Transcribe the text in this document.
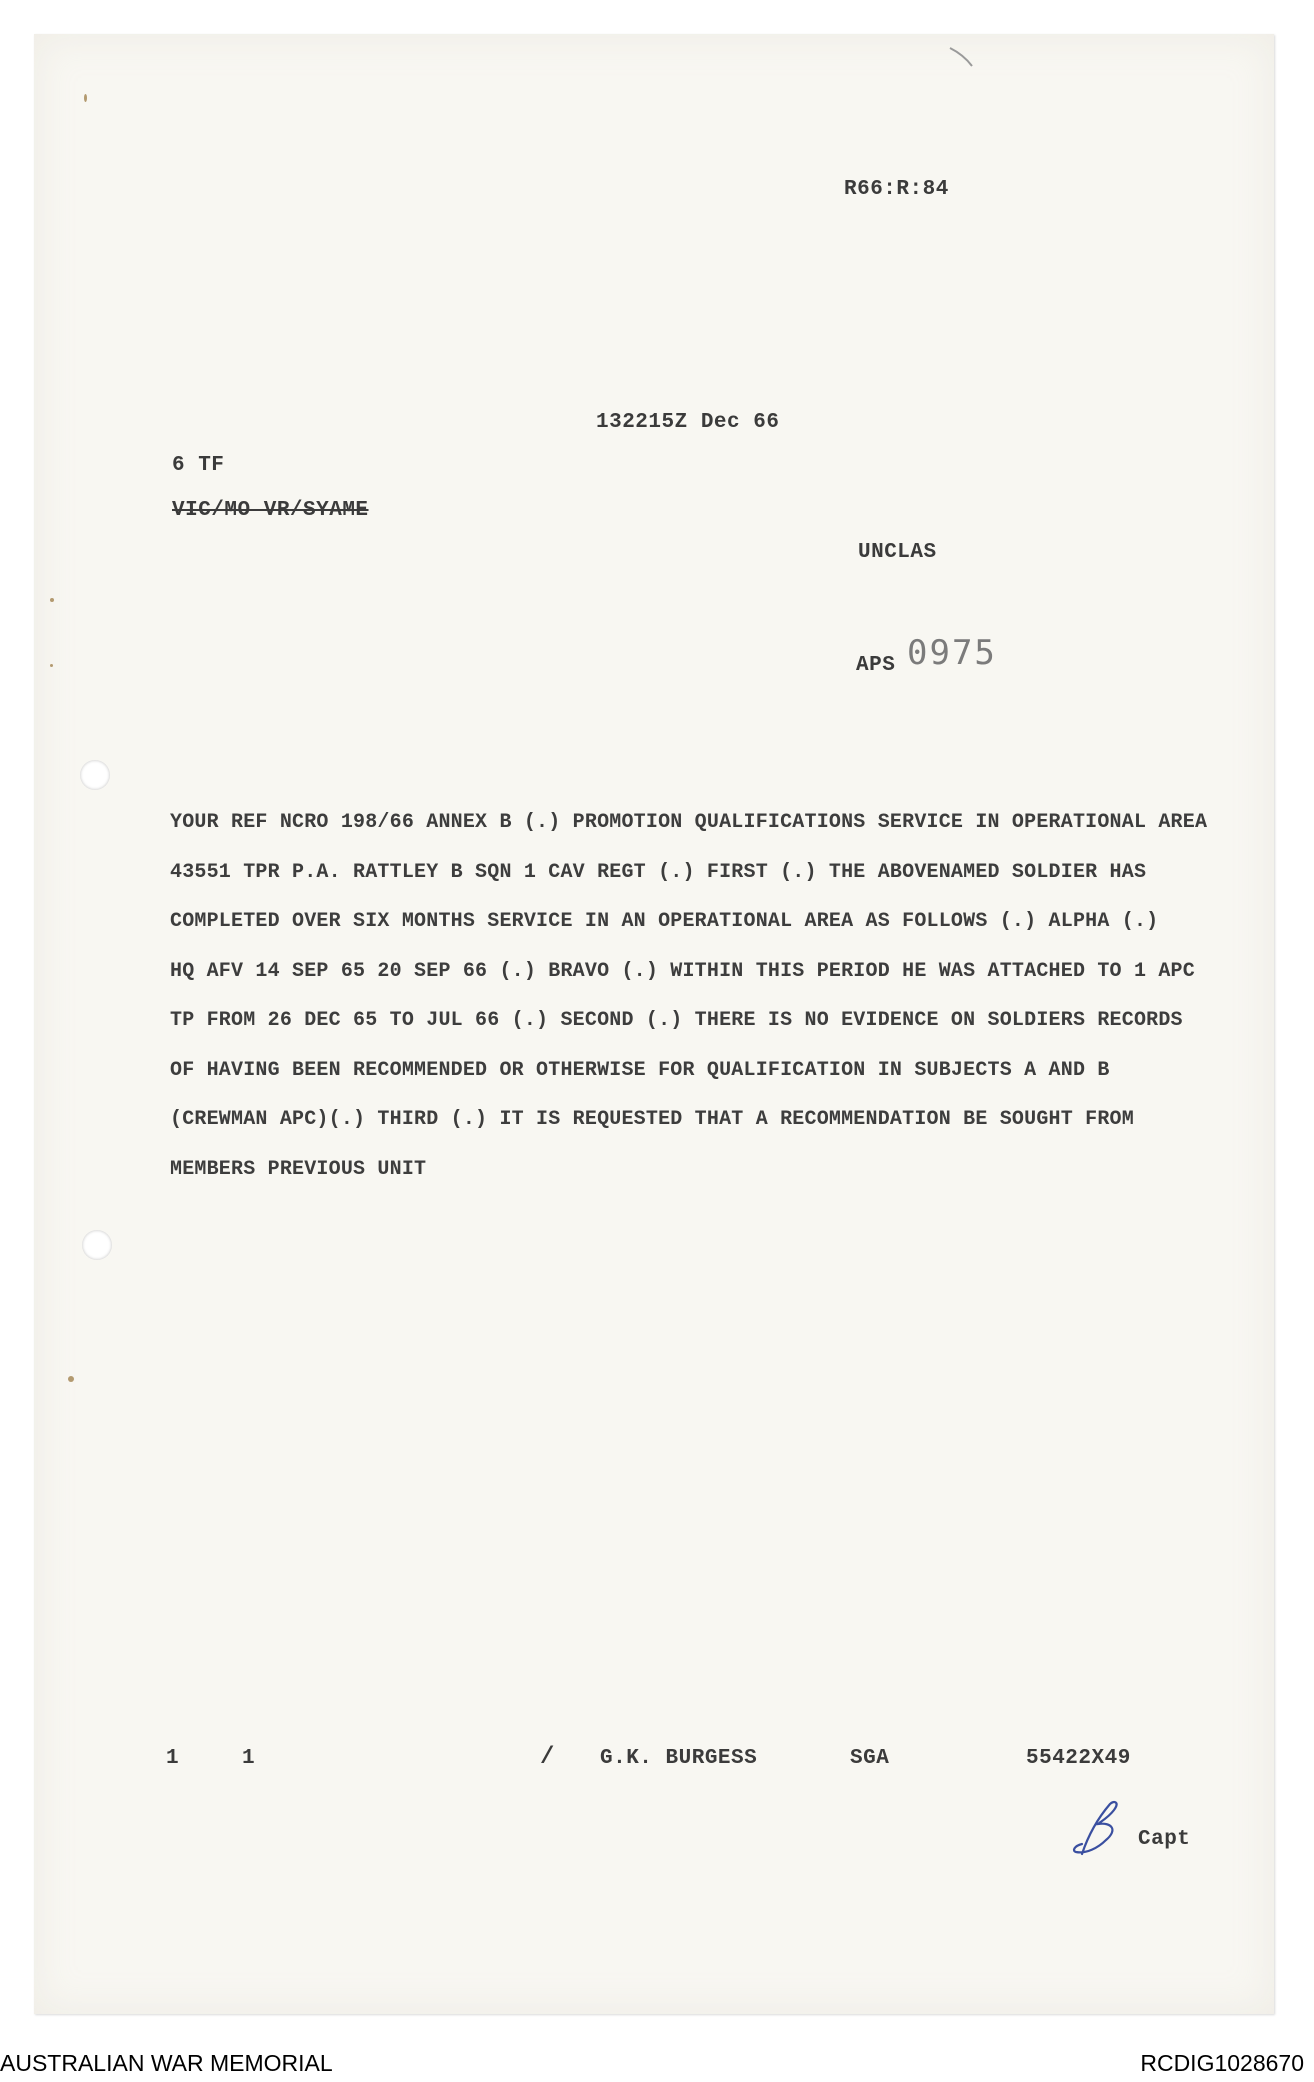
R66:R:84
132215Z Dec 66
6 TF
VIC/MO VR/SYAME
UNCLAS
APS 0975
YOUR REF NCRO 198/66 ANNEX B (.) PROMOTION QUALIFICATIONS SERVICE IN OPERATIONAL AREA
43551 TPR P.A. RATTLEY B SQN 1 CAV REGT (.) FIRST (.) THE ABOVENAMED SOLDIER HAS
COMPLETED OVER SIX MONTHS SERVICE IN AN OPERATIONAL AREA AS FOLLOWS (.) ALPHA (.)
HQ AFV 14 SEP 65 20 SEP 66 (.) BRAVO (.) WITHIN THIS PERIOD HE WAS ATTACHED TO 1 APC
TP FROM 26 DEC 65 TO JUL 66 (.) SECOND (.) THERE IS NO EVIDENCE ON SOLDIERS RECORDS
OF HAVING BEEN RECOMMENDED OR OTHERWISE FOR QUALIFICATION IN SUBJECTS A AND B
(CREWMAN APC)(.) THIRD (.) IT IS REQUESTED THAT A RECOMMENDATION BE SOUGHT FROM
MEMBERS PREVIOUS UNIT
1	1	/ G.K. BURGESS	SGA	55422X49
Capt
AUSTRALIAN WAR MEMORIAL	RCDIG1028670
